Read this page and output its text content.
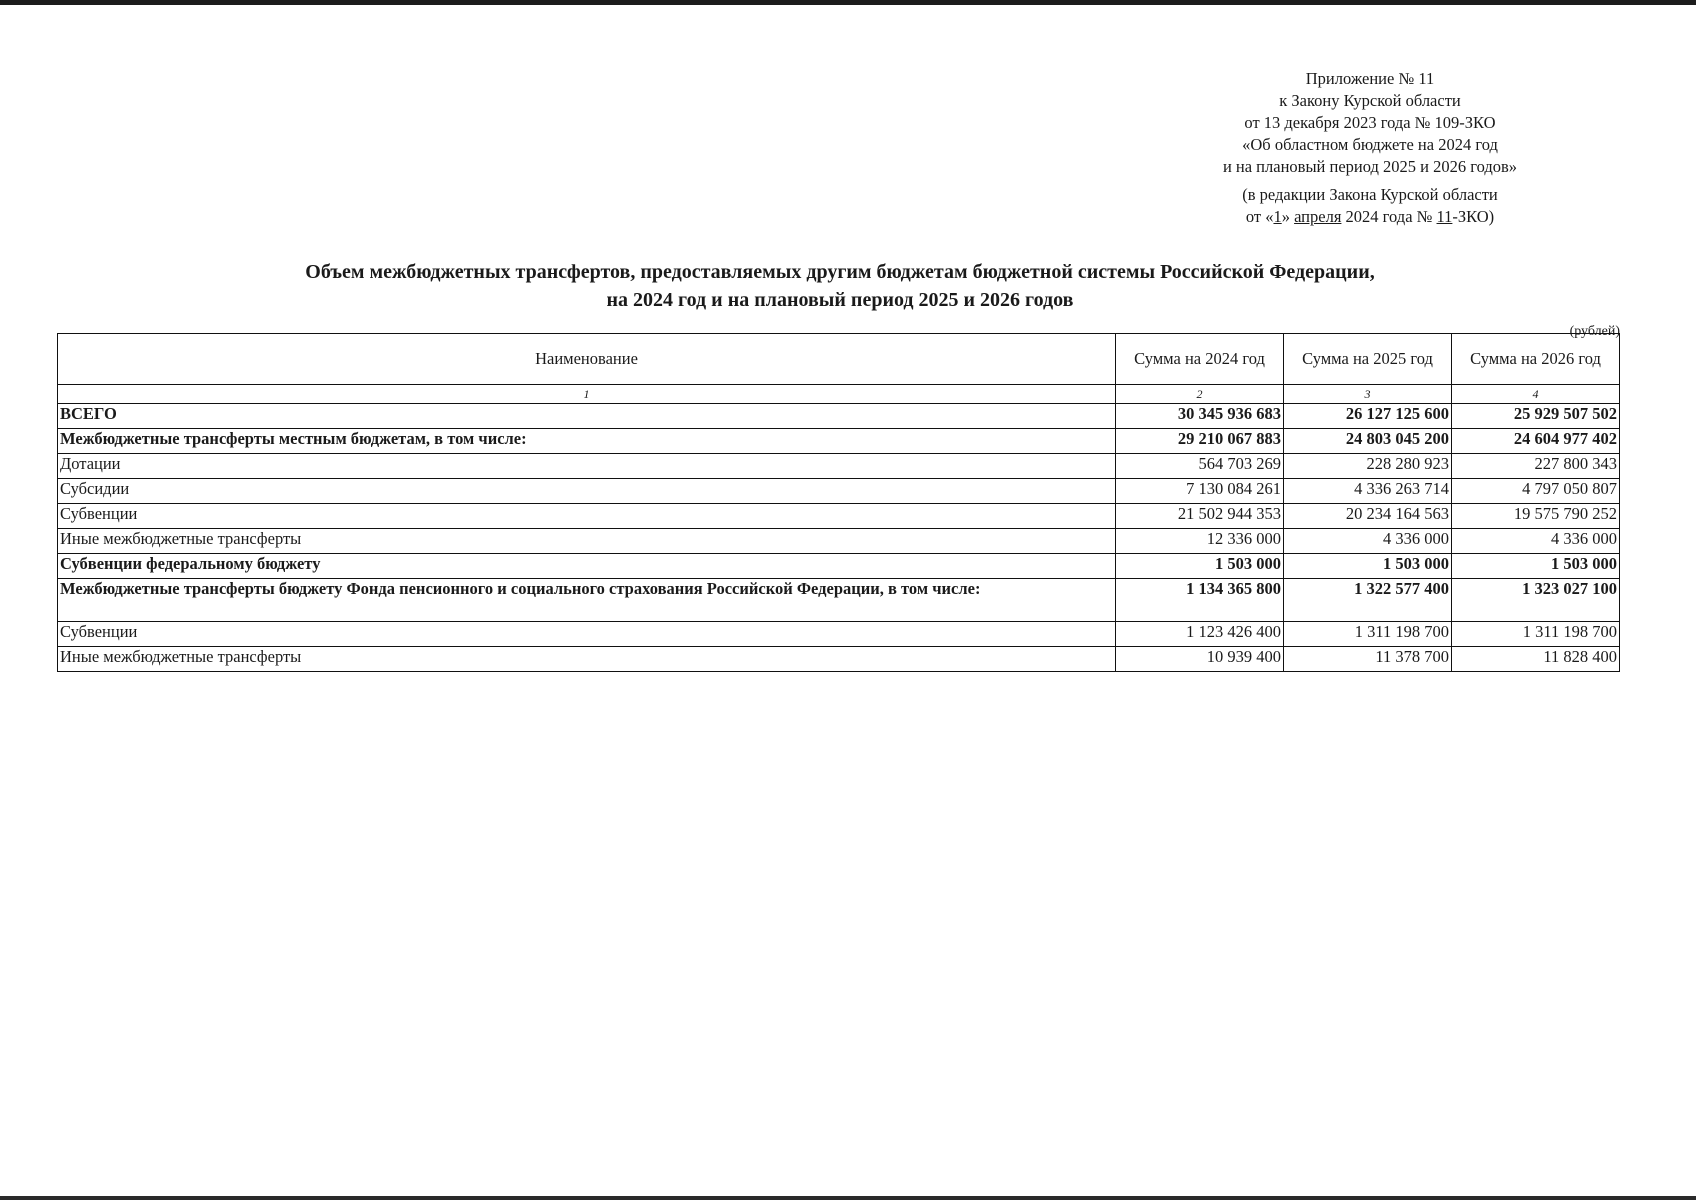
Приложение № 11
к Закону Курской области
от 13 декабря 2023 года № 109-ЗКО
«Об областном бюджете на 2024 год
и на плановый период 2025 и 2026 годов»
(в редакции Закона Курской области
от «1» апреля 2024 года № 11-ЗКО)
Объем межбюджетных трансфертов, предоставляемых другим бюджетам бюджетной системы Российской Федерации,
на 2024 год и на плановый период 2025 и 2026 годов
(рублей)
Наименование	Сумма на 2024 год	Сумма на 2025 год	Сумма на 2026 год
1	2	3	4
ВСЕГО	30 345 936 683	26 127 125 600	25 929 507 502
Межбюджетные трансферты местным бюджетам, в том числе:	29 210 067 883	24 803 045 200	24 604 977 402
Дотации	564 703 269	228 280 923	227 800 343
Субсидии	7 130 084 261	4 336 263 714	4 797 050 807
Субвенции	21 502 944 353	20 234 164 563	19 575 790 252
Иные межбюджетные трансферты	12 336 000	4 336 000	4 336 000
Субвенции федеральному бюджету	1 503 000	1 503 000	1 503 000
Межбюджетные трансферты бюджету Фонда пенсионного и социального страхования Российской Федерации, в том числе:	1 134 365 800	1 322 577 400	1 323 027 100
Субвенции	1 123 426 400	1 311 198 700	1 311 198 700
Иные межбюджетные трансферты	10 939 400	11 378 700	11 828 400
